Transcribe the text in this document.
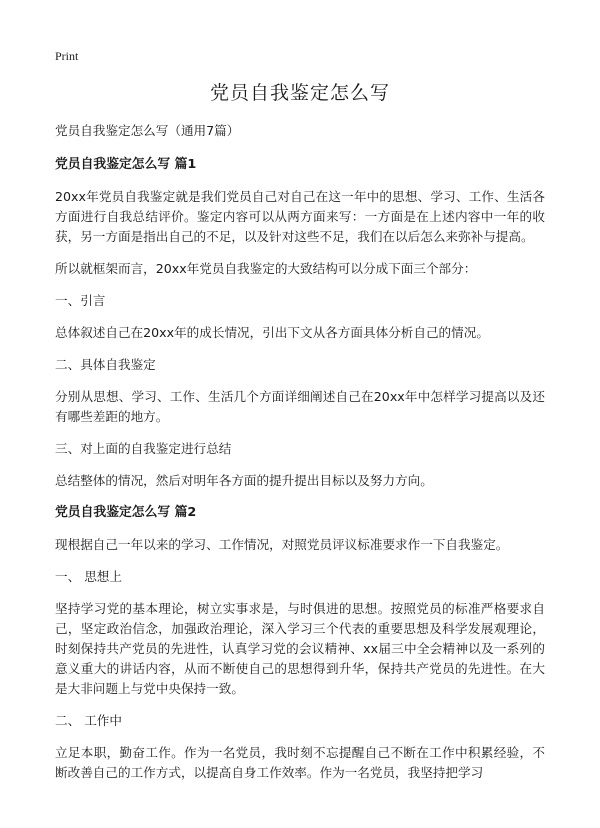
Print
党员自我鉴定怎么写

党员自我鉴定怎么写（通用7篇）

党员自我鉴定怎么写 篇1

20xx年党员自我鉴定就是我们党员自己对自己在这一年中的思想、学习、工作、生活各方面进行自我总结评价。鉴定内容可以从两方面来写：一方面是在上述内容中一年的收获，另一方面是指出自己的不足，以及针对这些不足，我们在以后怎么来弥补与提高。

所以就框架而言，20xx年党员自我鉴定的大致结构可以分成下面三个部分：

一、引言

总体叙述自己在20xx年的成长情况，引出下文从各方面具体分析自己的情况。

二、具体自我鉴定

分别从思想、学习、工作、生活几个方面详细阐述自己在20xx年中怎样学习提高以及还有哪些差距的地方。

三、对上面的自我鉴定进行总结

总结整体的情况，然后对明年各方面的提升提出目标以及努力方向。

党员自我鉴定怎么写 篇2

现根据自己一年以来的学习、工作情况，对照党员评议标准要求作一下自我鉴定。

一、 思想上

坚持学习党的基本理论，树立实事求是，与时俱进的思想。按照党员的标准严格要求自己，坚定政治信念，加强政治理论，深入学习三个代表的重要思想及科学发展观理论，时刻保持共产党员的先进性，认真学习党的会议精神、xx届三中全会精神以及一系列的意义重大的讲话内容，从而不断使自己的思想得到升华，保持共产党员的先进性。在大是大非问题上与党中央保持一致。

二、 工作中

立足本职，勤奋工作。作为一名党员，我时刻不忘提醒自己不断在工作中积累经验，不断改善自己的工作方式，以提高自身工作效率。作为一名党员，我坚持把学习
